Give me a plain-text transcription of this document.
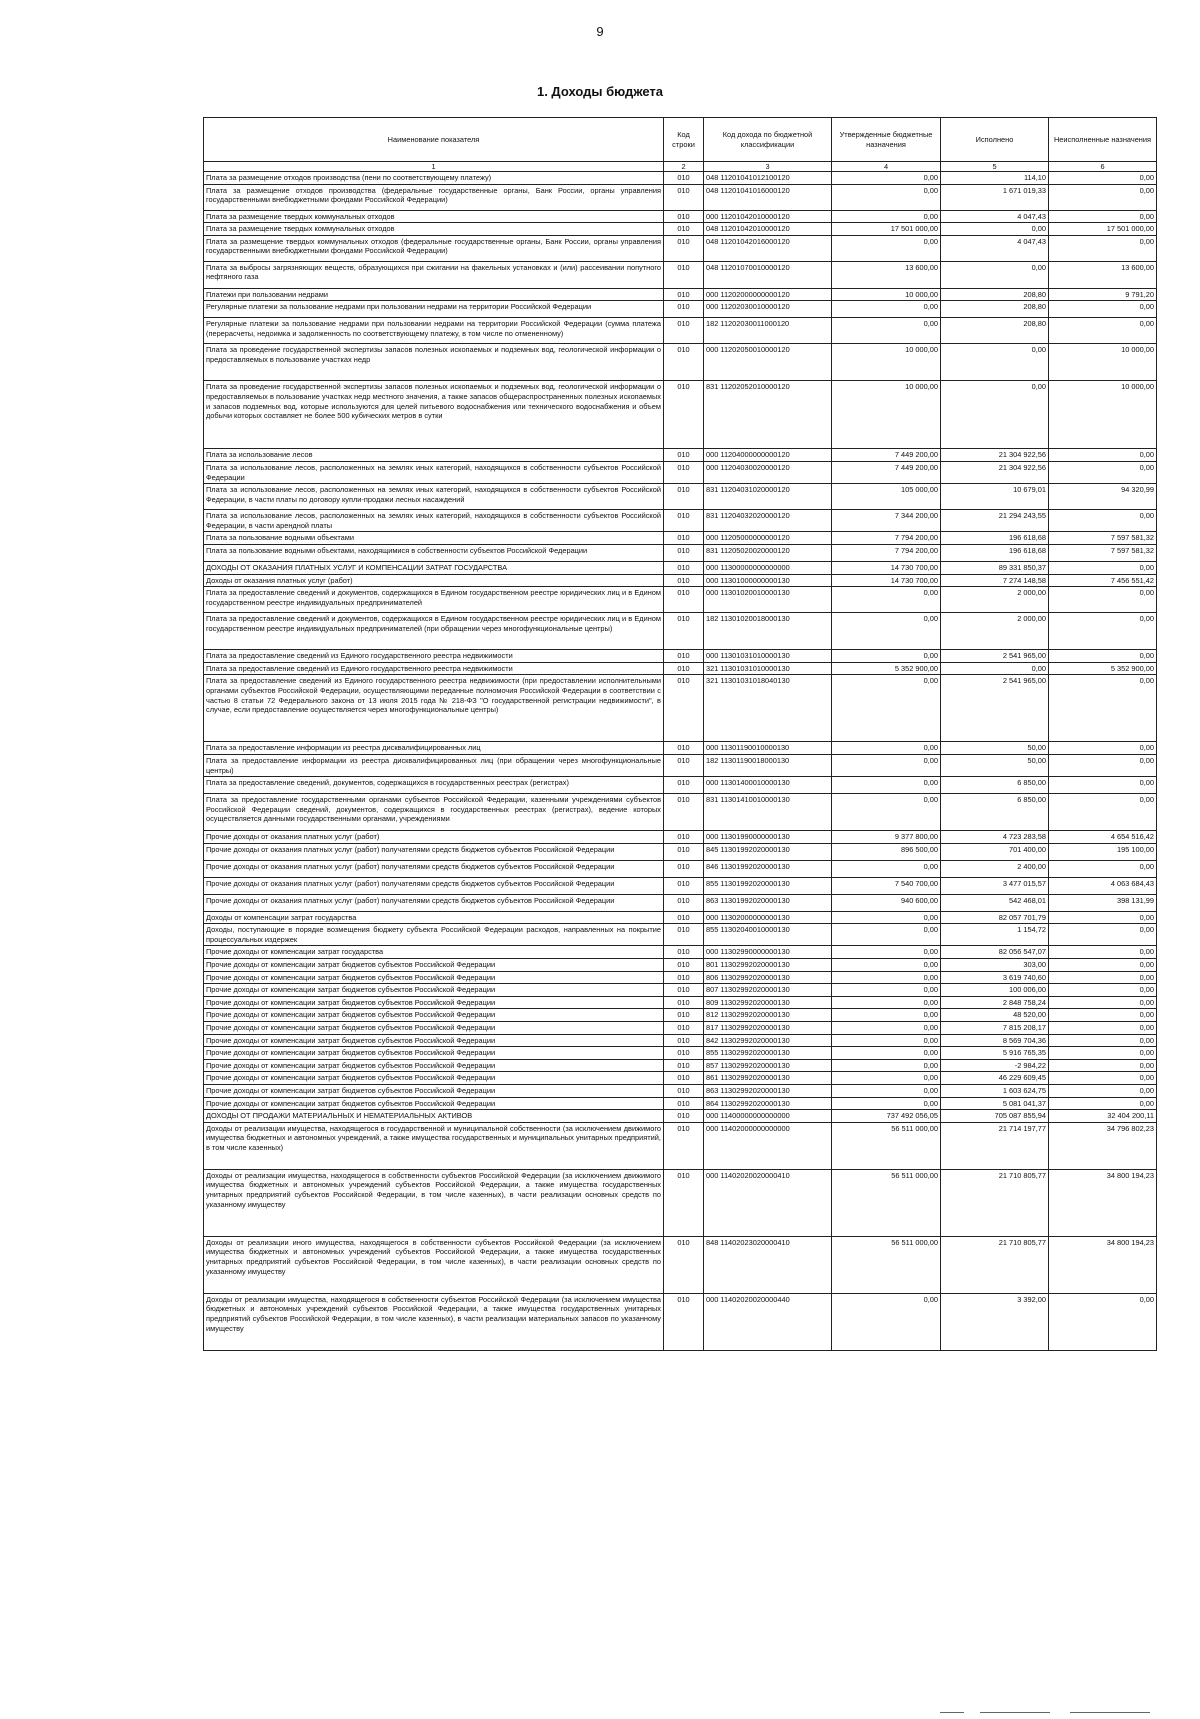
9
1. Доходы бюджета
Наименование показателя	Код строки	Код дохода по бюджетной классификации	Утвержденные бюджетные назначения	Исполнено	Неисполненные назначения
1	2	3	4	5	6
Плата за размещение отходов производства (пени по соответствующему платежу)	010	048 11201041012100120	0,00	114,10	0,00
Плата за размещение отходов производства (федеральные государственные органы, Банк России, органы управления государственными внебюджетными фондами Российской Федерации)	010	048 11201041016000120	0,00	1 671 019,33	0,00
Плата за размещение твердых коммунальных отходов	010	000 11201042010000120	0,00	4 047,43	0,00
Плата за размещение твердых коммунальных отходов	010	048 11201042010000120	17 501 000,00	0,00	17 501 000,00
Плата за размещение твердых коммунальных отходов (федеральные государственные органы, Банк России, органы управления государственными внебюджетными фондами Российской Федерации)	010	048 11201042016000120	0,00	4 047,43	0,00
Плата за выбросы загрязняющих веществ, образующихся при сжигании на факельных установках и (или) рассеивании попутного нефтяного газа	010	048 11201070010000120	13 600,00	0,00	13 600,00
Платежи при пользовании недрами	010	000 11202000000000120	10 000,00	208,80	9 791,20
Регулярные платежи за пользование недрами при пользовании недрами на территории Российской Федерации	010	000 11202030010000120	0,00	208,80	0,00
Регулярные платежи за пользование недрами при пользовании недрами на территории Российской Федерации (сумма платежа (перерасчеты, недоимка и задолженность по соответствующему платежу, в том числе по отмененному)	010	182 11202030011000120	0,00	208,80	0,00
Плата за проведение государственной экспертизы запасов полезных ископаемых и подземных вод, геологической информации о предоставляемых в пользование участках недр	010	000 11202050010000120	10 000,00	0,00	10 000,00
Плата за проведение государственной экспертизы запасов полезных ископаемых и подземных вод, геологической информации о предоставляемых в пользование участках недр местного значения, а также запасов общераспространенных полезных ископаемых и запасов подземных вод, которые используются для целей питьевого водоснабжения или технического водоснабжения и объем добычи которых составляет не более 500 кубических метров в сутки	010	831 11202052010000120	10 000,00	0,00	10 000,00
Плата за использование лесов	010	000 11204000000000120	7 449 200,00	21 304 922,56	0,00
Плата за использование лесов, расположенных на землях иных категорий, находящихся в собственности субъектов Российской Федерации	010	000 11204030020000120	7 449 200,00	21 304 922,56	0,00
Плата за использование лесов, расположенных на землях иных категорий, находящихся в собственности субъектов Российской Федерации, в части платы по договору купли-продажи лесных насаждений	010	831 11204031020000120	105 000,00	10 679,01	94 320,99
Плата за использование лесов, расположенных на землях иных категорий, находящихся в собственности субъектов Российской Федерации, в части арендной платы	010	831 11204032020000120	7 344 200,00	21 294 243,55	0,00
Плата за пользование водными объектами	010	000 11205000000000120	7 794 200,00	196 618,68	7 597 581,32
Плата за пользование водными объектами, находящимися в собственности субъектов Российской Федерации	010	831 11205020020000120	7 794 200,00	196 618,68	7 597 581,32
ДОХОДЫ ОТ ОКАЗАНИЯ ПЛАТНЫХ УСЛУГ И КОМПЕНСАЦИИ ЗАТРАТ ГОСУДАРСТВА	010	000 11300000000000000	14 730 700,00	89 331 850,37	0,00
Доходы от оказания платных услуг (работ)	010	000 11301000000000130	14 730 700,00	7 274 148,58	7 456 551,42
Плата за предоставление сведений и документов, содержащихся в Едином государственном реестре юридических лиц и в Едином государственном реестре индивидуальных предпринимателей	010	000 11301020010000130	0,00	2 000,00	0,00
Плата за предоставление сведений и документов, содержащихся в Едином государственном реестре юридических лиц и в Едином государственном реестре индивидуальных предпринимателей (при обращении через многофункциональные центры)	010	182 11301020018000130	0,00	2 000,00	0,00
Плата за предоставление сведений из Единого государственного реестра недвижимости	010	000 11301031010000130	0,00	2 541 965,00	0,00
Плата за предоставление сведений из Единого государственного реестра недвижимости	010	321 11301031010000130	5 352 900,00	0,00	5 352 900,00
Плата за предоставление сведений из Единого государственного реестра недвижимости (при предоставлении исполнительными органами субъектов Российской Федерации, осуществляющими переданные полномочия Российской Федерации в соответствии с частью 8 статьи 72 Федерального закона от 13 июля 2015 года № 218-ФЗ "О государственной регистрации недвижимости", в случае, если предоставление осуществляется через многофункциональные центры)	010	321 11301031018040130	0,00	2 541 965,00	0,00
Плата за предоставление информации из реестра дисквалифицированных лиц	010	000 11301190010000130	0,00	50,00	0,00
Плата за предоставление информации из реестра дисквалифицированных лиц (при обращении через многофункциональные центры)	010	182 11301190018000130	0,00	50,00	0,00
Плата за предоставление сведений, документов, содержащихся в государственных реестрах (регистрах)	010	000 11301400010000130	0,00	6 850,00	0,00
Плата за предоставление государственными органами субъектов Российской Федерации, казенными учреждениями субъектов Российской Федерации сведений, документов, содержащихся в государственных реестрах (регистрах), ведение которых осуществляется данными государственными органами, учреждениями	010	831 11301410010000130	0,00	6 850,00	0,00
Прочие доходы от оказания платных услуг (работ)	010	000 11301990000000130	9 377 800,00	4 723 283,58	4 654 516,42
Прочие доходы от оказания платных услуг (работ) получателями средств бюджетов субъектов Российской Федерации	010	845 11301992020000130	896 500,00	701 400,00	195 100,00
Прочие доходы от оказания платных услуг (работ) получателями средств бюджетов субъектов Российской Федерации	010	846 11301992020000130	0,00	2 400,00	0,00
Прочие доходы от оказания платных услуг (работ) получателями средств бюджетов субъектов Российской Федерации	010	855 11301992020000130	7 540 700,00	3 477 015,57	4 063 684,43
Прочие доходы от оказания платных услуг (работ) получателями средств бюджетов субъектов Российской Федерации	010	863 11301992020000130	940 600,00	542 468,01	398 131,99
Доходы от компенсации затрат государства	010	000 11302000000000130	0,00	82 057 701,79	0,00
Доходы, поступающие в порядке возмещения бюджету субъекта Российской Федерации расходов, направленных на покрытие процессуальных издержек	010	855 11302040010000130	0,00	1 154,72	0,00
Прочие доходы от компенсации затрат государства	010	000 11302990000000130	0,00	82 056 547,07	0,00
Прочие доходы от компенсации затрат бюджетов субъектов Российской Федерации	010	801 11302992020000130	0,00	303,00	0,00
Прочие доходы от компенсации затрат бюджетов субъектов Российской Федерации	010	806 11302992020000130	0,00	3 619 740,60	0,00
Прочие доходы от компенсации затрат бюджетов субъектов Российской Федерации	010	807 11302992020000130	0,00	100 006,00	0,00
Прочие доходы от компенсации затрат бюджетов субъектов Российской Федерации	010	809 11302992020000130	0,00	2 848 758,24	0,00
Прочие доходы от компенсации затрат бюджетов субъектов Российской Федерации	010	812 11302992020000130	0,00	48 520,00	0,00
Прочие доходы от компенсации затрат бюджетов субъектов Российской Федерации	010	817 11302992020000130	0,00	7 815 208,17	0,00
Прочие доходы от компенсации затрат бюджетов субъектов Российской Федерации	010	842 11302992020000130	0,00	8 569 704,36	0,00
Прочие доходы от компенсации затрат бюджетов субъектов Российской Федерации	010	855 11302992020000130	0,00	5 916 765,35	0,00
Прочие доходы от компенсации затрат бюджетов субъектов Российской Федерации	010	857 11302992020000130	0,00	-2 984,22	0,00
Прочие доходы от компенсации затрат бюджетов субъектов Российской Федерации	010	861 11302992020000130	0,00	46 229 609,45	0,00
Прочие доходы от компенсации затрат бюджетов субъектов Российской Федерации	010	863 11302992020000130	0,00	1 603 624,75	0,00
Прочие доходы от компенсации затрат бюджетов субъектов Российской Федерации	010	864 11302992020000130	0,00	5 081 041,37	0,00
ДОХОДЫ ОТ ПРОДАЖИ МАТЕРИАЛЬНЫХ И НЕМАТЕРИАЛЬНЫХ АКТИВОВ	010	000 11400000000000000	737 492 056,05	705 087 855,94	32 404 200,11
Доходы от реализации имущества, находящегося в государственной и муниципальной собственности (за исключением движимого имущества бюджетных и автономных учреждений, а также имущества государственных и муниципальных унитарных предприятий, в том числе казенных)	010	000 11402000000000000	56 511 000,00	21 714 197,77	34 796 802,23
Доходы от реализации имущества, находящегося в собственности субъектов Российской Федерации (за исключением движимого имущества бюджетных и автономных учреждений субъектов Российской Федерации, а также имущества государственных унитарных предприятий субъектов Российской Федерации, в том числе казенных), в части реализации основных средств по указанному имуществу	010	000 11402020020000410	56 511 000,00	21 710 805,77	34 800 194,23
Доходы от реализации иного имущества, находящегося в собственности субъектов Российской Федерации (за исключением имущества бюджетных и автономных учреждений субъектов Российской Федерации, а также имущества государственных унитарных предприятий субъектов Российской Федерации, в том числе казенных), в части реализации основных средств по указанному имуществу	010	848 11402023020000410	56 511 000,00	21 710 805,77	34 800 194,23
Доходы от реализации имущества, находящегося в собственности субъектов Российской Федерации (за исключением имущества бюджетных и автономных учреждений субъектов Российской Федерации, а также имущества государственных унитарных предприятий субъектов Российской Федерации, в том числе казенных), в части реализации материальных запасов по указанному имуществу	010	000 11402020020000440	0,00	3 392,00	0,00
